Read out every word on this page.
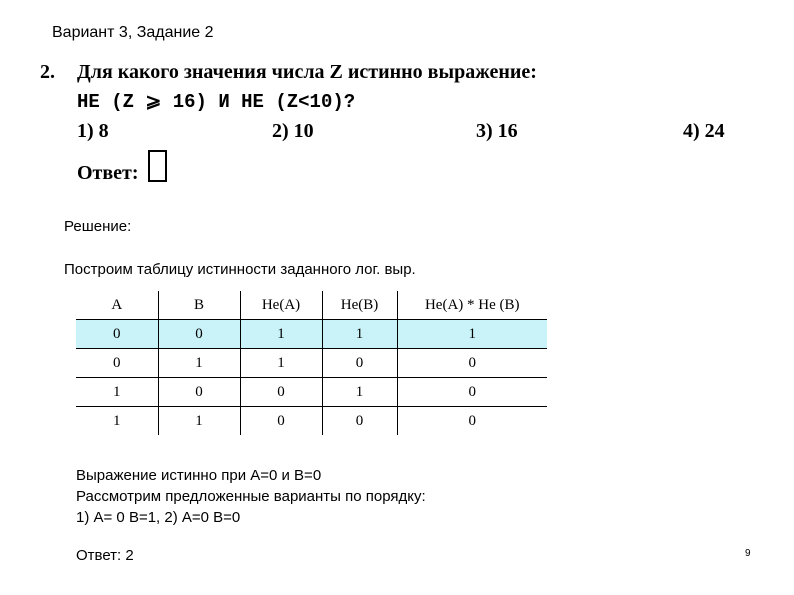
Вариант 3, Задание 2
2. Для какого значения числа Z истинно выражение:
НЕ (Z ⩾ 16) И НЕ (Z<10)?
1) 8	2) 10	3) 16	4) 24
Ответ:
Решение:
Построим таблицу истинности заданного лог. выр.
А	В	Не(А)	Не(В)	Не(А) * Не (В)
0	0	1	1	1
0	1	1	0	0
1	0	0	1	0
1	1	0	0	0
Выражение истинно при А=0 и В=0
Рассмотрим предложенные варианты по порядку:
1) А= 0 В=1, 2) А=0 В=0
Ответ: 2	9
